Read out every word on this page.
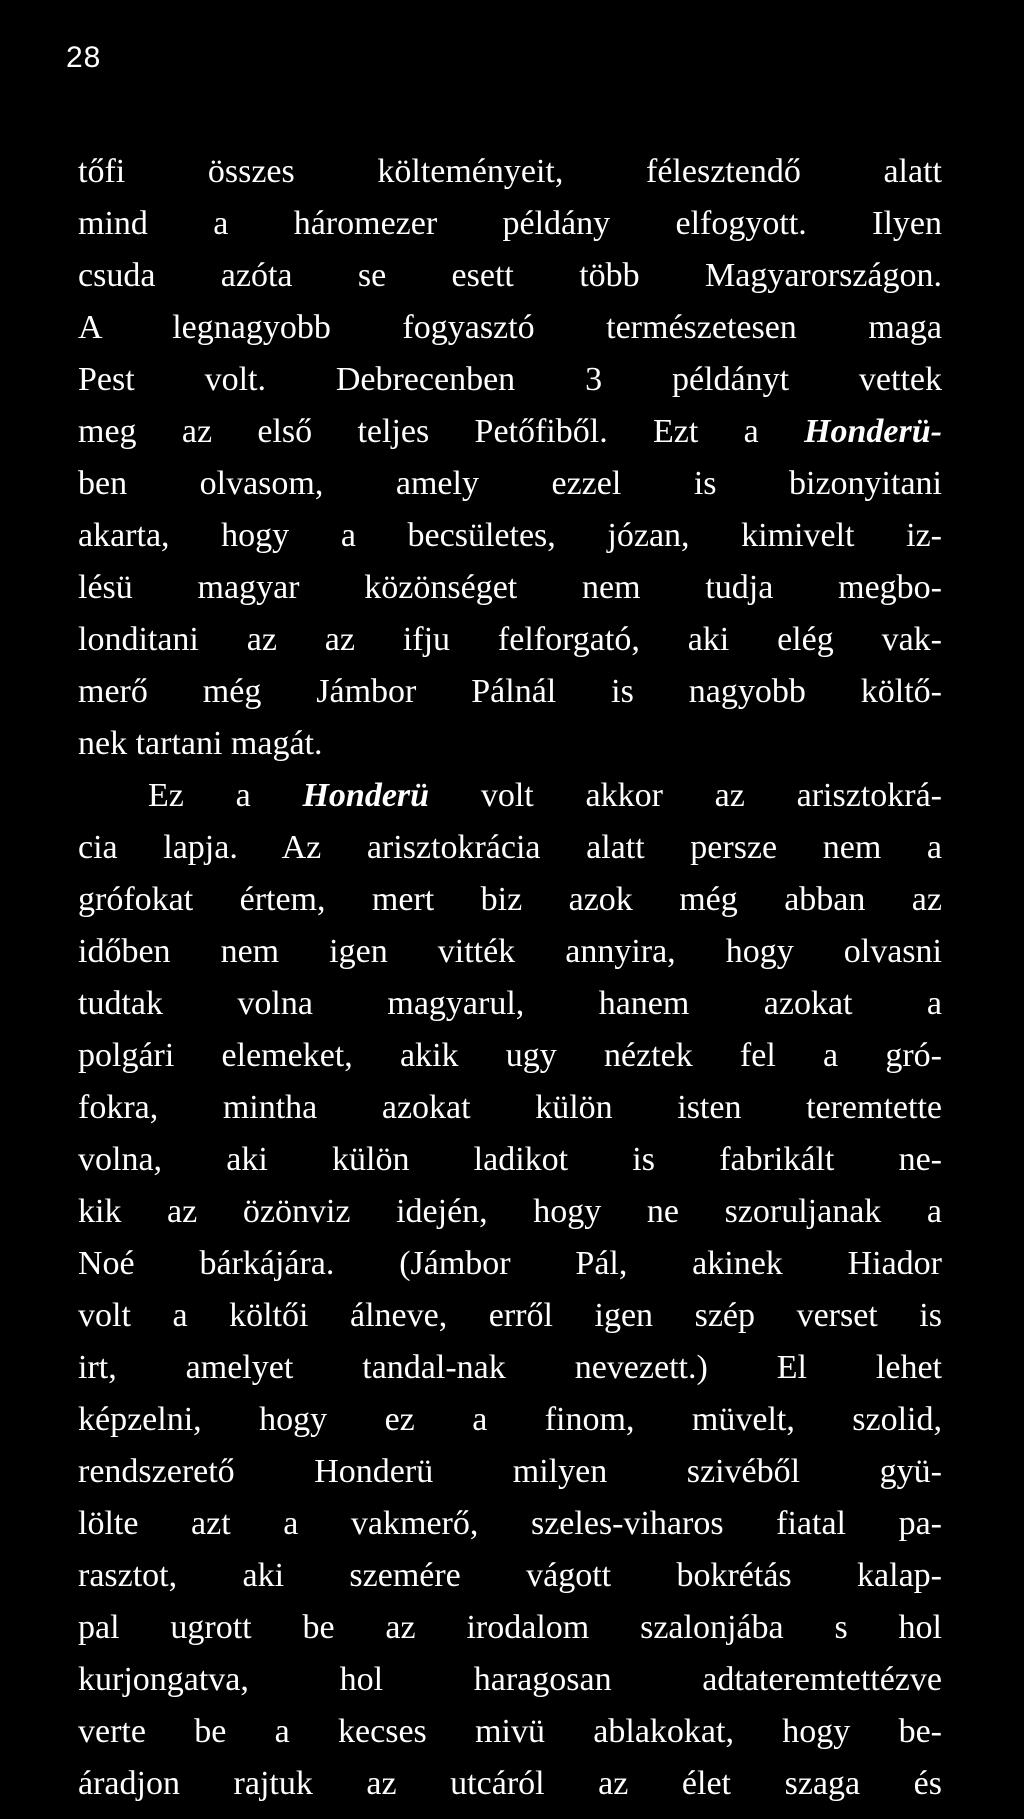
28
tőfi összes költeményeit, félesztendő alatt
mind a háromezer példány elfogyott. Ilyen
csuda azóta se esett több Magyarországon.
A legnagyobb fogyasztó természetesen maga
Pest volt. Debrecenben 3 példányt vettek
meg az első teljes Petőfiből. Ezt a Honderü-
ben olvasom, amely ezzel is bizonyitani
akarta, hogy a becsületes, józan, kimivelt iz-
lésü magyar közönséget nem tudja megbo-
londitani az az ifju felforgató, aki elég vak-
merő még Jámbor Pálnál is nagyobb költő-
nek tartani magát.
Ez a Honderü volt akkor az arisztokrá-
cia lapja. Az arisztokrácia alatt persze nem a
grófokat értem, mert biz azok még abban az
időben nem igen vitték annyira, hogy olvasni
tudtak volna magyarul, hanem azokat a
polgári elemeket, akik ugy néztek fel a gró-
fokra, mintha azokat külön isten teremtette
volna, aki külön ladikot is fabrikált ne-
kik az özönviz idején, hogy ne szoruljanak a
Noé bárkájára. (Jámbor Pál, akinek Hiador
volt a költői álneve, erről igen szép verset is
irt, amelyet tandal-nak nevezett.) El lehet
képzelni, hogy ez a finom, müvelt, szolid,
rendszerető Honderü milyen szivéből gyü-
lölte azt a vakmerő, szeles-viharos fiatal pa-
rasztot, aki szemére vágott bokrétás kalap-
pal ugrott be az irodalom szalonjába s hol
kurjongatva, hol haragosan adtateremtettézve
verte be a kecses mivü ablakokat, hogy be-
áradjon rajtuk az utcáról az élet szaga és
